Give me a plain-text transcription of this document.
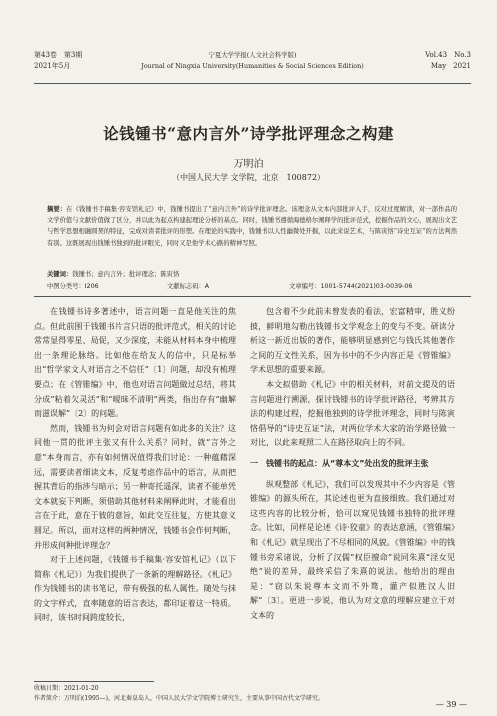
第43卷　第3期
2021年5月
宁夏大学学报(人文社会科学版)
Journal of Ningxia University(Humanities & Social Sciences Edition)
Vol.43　No.3
May　2021
论钱锺书“意内言外”诗学批评理念之构建
万明泊
（中国人民大学 文学院，北京　100872）
摘要：在《钱锺书手稿集·容安馆札记》中，钱锺书提出了“意内言外”的诗学批评理念。该理念从文本内部批评入手，反对过度解读，对一部作品的文学价值与文献价值做了区分，并以此为起点构建起理论分析的基点。同时，钱锺书遵循海德格尔阐释学的批评范式，挖掘作品的文心，展现出文艺与哲学思想相融圆契的特征，完成对读者批评的形塑。在理论的实践中，钱锺书以人性幽微处开掘，以此来说艺术，与陈寅恪“诗史互证”的方法判然有别。这既展现出钱锺书独到的批评眼光，同时又是他学术心路的精神写照。
关键词：钱锺书；意内言外；批评理念；陈寅恪
中图分类号：I206	文献标志码：A	文章编号：1001-5744(2021)03-0039-06

在钱锺书诗多著述中，语言问题一直是他关注的焦点。但此前围于钱锺书片言只语的批评范式，相关的讨论常常显得零星、局促，又少深度，未能从材料本身中梳理出一条理论脉络。比如他在给友人的信中，只是标举出“哲学家文人对语言之不信任”〔1〕问题，却没有梳理要点；在《管锥编》中，他也对语言问题做过总结，将其分成“粘着欠灵活”和“暧昧不清明”两类，指出存有“幽解而滋误解”〔2〕的问题。

然而，钱锺书为何会对语言问题有如此多的关注？这同他一贯的批评主张又有什么关系？同时，就“言外之意”本身而言，亦有如何情况值得我们讨论：一种蕴藉深远，需要读者细读文本，反复考虑作品中的语言，从而把握其背后的指涉与暗示；另一种寄托遥深，读者不能单凭文本就妄下判断，须借助其他材料来阐释此时，才能看出言在于此，意在于彼的意旨，如此交互往复，方使其意义圆足。所以，面对这样的两种情况，钱锺书会作何判断，并形成何种批评理念？

对于上述问题，《钱锺书手稿集·容安馆札记》（以下简称《札记》）为我们提供了一条新的理解路径。《札记》作为钱锺书的读书笔记，带有极强的私人属性。随处与抹的文字样式，直率随意的语言表达，都印证着这一特质。同时，该书时间跨度较长，

包含着不少此前未曾发表的看法，宏富精审，胜义纷披，鲜明地勾勒出钱锺书文学观念上的变与不变。研读分析这一新近出版的著作，能够明显感到它与钱氏其他著作之间的互文性关系，因为书中的不少内容正是《管锥编》学术思想的重要来源。

本文拟借助《札记》中的相关材料，对前文提及的语言问题进行溯源，探讨钱锺书的诗学批评路径，考辨其方法的构建过程，挖掘他独到的诗学批评理念，同时与陈寅恪倡导的“诗史互证”法，对两位学术大家的治学路径做一对比，以此来观照二人在路径取向上的不同。

一　钱锺书的起点：从“尊本文”处出发的批评主张

纵观整部《札记》，我们可以发现其中不少内容是《管锥编》的源头所在，其论述也更为直接细致。我们通过对这些内容的比较分析，恰可以窥见钱锺书独特的批评理念。比如，同样是论述《诗·狡童》的表达意涵，《管锥编》和《札记》就呈现出了不尽相同的风貌。《管锥编》中的钱锺书旁采诸说，分析了汉儒“权臣擅命”说同朱熹“淫女见绝”说的差异，最终采信了朱熹的说法。他给出的理由是：“窃以朱说尊本文而不外骛，灌产似胜汉人旧解”〔3〕。更进一步说，他认为对文意的理解应建立于对文本的

收稿日期：2021-01-20
作者简介：万明泊(1995—)，河北秦皇岛人，中国人民大学文学院博士研究生，主要从事中国古代文学研究。
— 39 —
